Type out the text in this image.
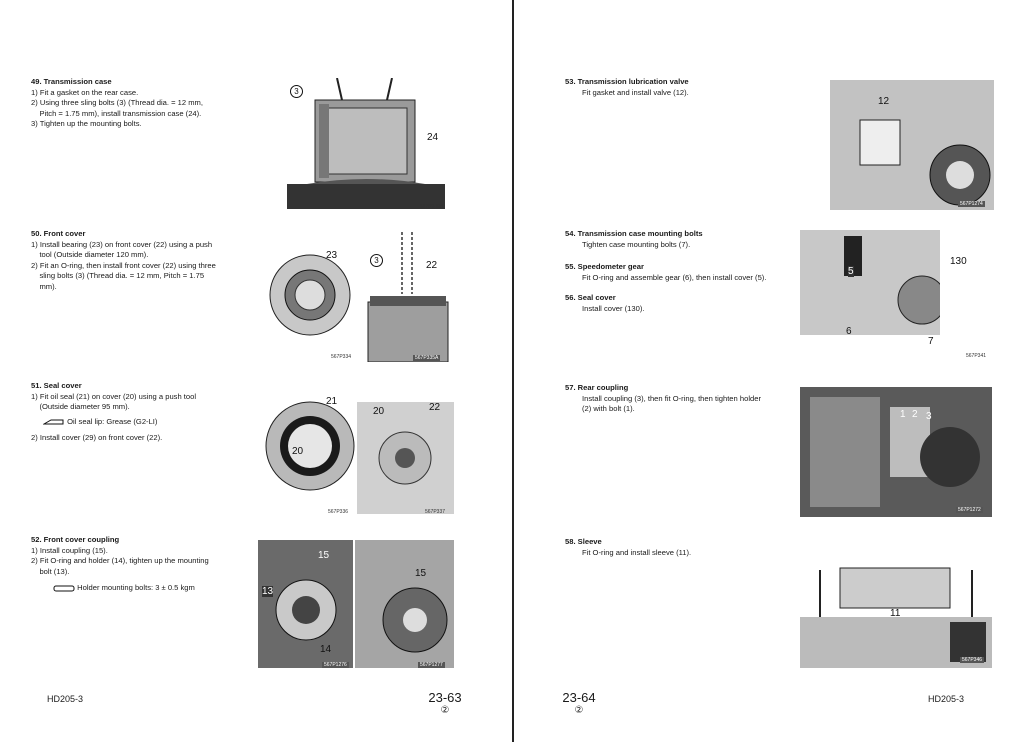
49. Transmission case
1) Fit a gasket on the rear case.
2) Using three sling bolts (3) (Thread dia. = 12 mm,
Pitch = 1.75 mm), install transmission case (24).
3) Tighten up the mounting bolts.
3
24
567P249A
50. Front cover
1) Install bearing (23) on front cover (22) using a push
tool (Outside diameter 120 mm).
2) Fit an O-ring, then install front cover (22) using three
sling bolts (3) (Thread dia. = 12 mm, Pitch = 1.75
mm).
23
567P334
3	22
567P335A
51. Seal cover
1) Fit oil seal (21) on cover (20) using a push tool
(Outside diameter 95 mm).
Oil seal lip: Grease (G2-LI)
2) Install cover (29) on front cover (22).
21
20
567P336
20	22
567P337
52. Front cover coupling
1) Install coupling (15).
2) Fit O-ring and holder (14), tighten up the mounting
bolt (13).
Holder mounting bolts: 3 ± 0.5 kgm
15
13
14
567P1276
15
567P1277
HD205-3	23-63
②
53. Transmission lubrication valve
Fit gasket and install valve (12).
12
567P1274
54. Transmission case mounting bolts
Tighten case mounting bolts (7).
55. Speedometer gear
Fit O-ring and assemble gear (6), then install cover (5).
56. Seal cover
Install cover (130).
5
6
7
130
567P341
57. Rear coupling
Install coupling (3), then fit O-ring, then tighten holder
(2) with bolt (1).
1 2 3
567P1272
58. Sleeve
Fit O-ring and install sleeve (11).
11
567P346
23-64
②
HD205-3
